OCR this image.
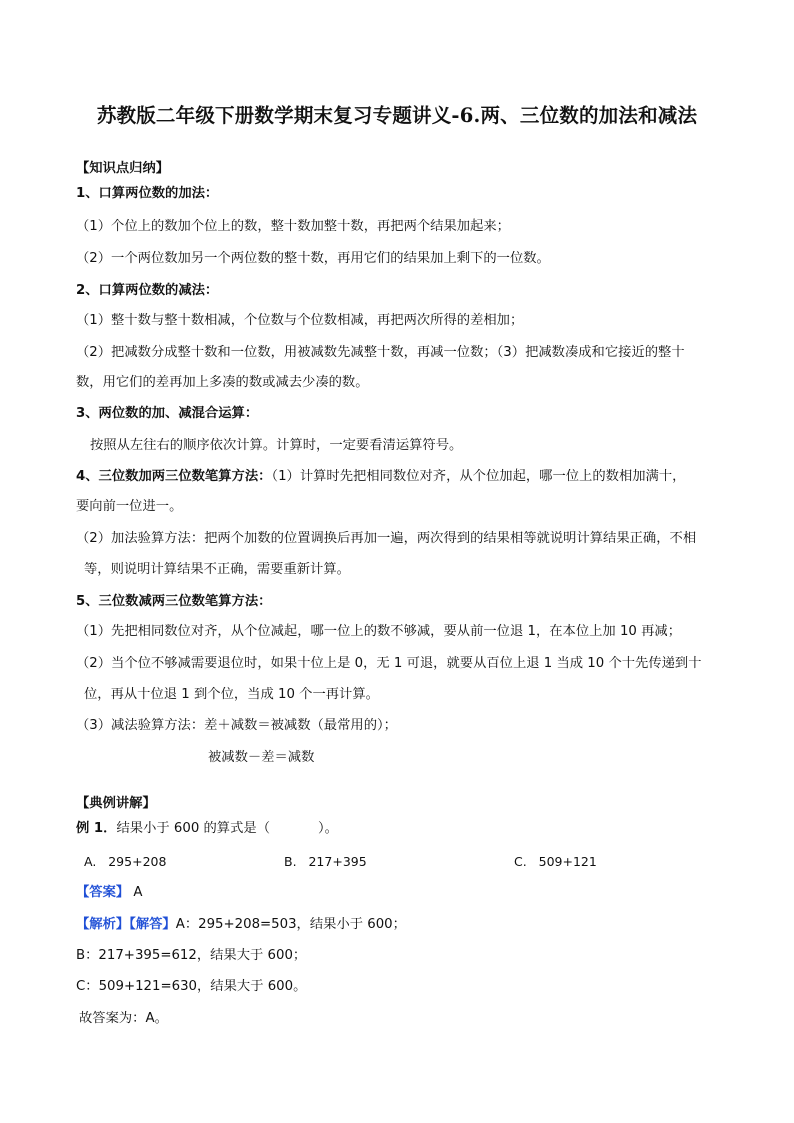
苏教版二年级下册数学期末复习专题讲义-6.两、三位数的加法和减法
【知识点归纳】
1、口算两位数的加法：
（1）个位上的数加个位上的数，整十数加整十数，再把两个结果加起来；
（2）一个两位数加另一个两位数的整十数，再用它们的结果加上剩下的一位数。
2、口算两位数的减法：
（1）整十数与整十数相减，个位数与个位数相减，再把两次所得的差相加；
（2）把减数分成整十数和一位数，用被减数先减整十数，再减一位数；（3）把减数凑成和它接近的整十
数，用它们的差再加上多凑的数或减去少凑的数。
3、两位数的加、减混合运算：
按照从左往右的顺序依次计算。计算时，一定要看清运算符号。
4、三位数加两三位数笔算方法：（1）计算时先把相同数位对齐，从个位加起，哪一位上的数相加满十，
要向前一位进一。
（2）加法验算方法：把两个加数的位置调换后再加一遍，两次得到的结果相等就说明计算结果正确，不相
等，则说明计算结果不正确，需要重新计算。
5、三位数减两三位数笔算方法：
（1）先把相同数位对齐，从个位减起，哪一位上的数不够减，要从前一位退 1，在本位上加 10 再减；
（2）当个位不够减需要退位时，如果十位上是 0，无 1 可退，就要从百位上退 1 当成 10 个十先传递到十
位，再从十位退 1 到个位，当成 10 个一再计算。
（3）减法验算方法：差＋减数＝被减数（最常用的）；
被减数－差＝减数
【典例讲解】
例 1．结果小于 600 的算式是（	）。
A. 295+208	B. 217+395	C. 509+121
【答案】 A
【解析】【解答】A：295+208=503，结果小于 600；
B：217+395=612，结果大于 600；
C：509+121=630，结果大于 600。
故答案为：A。
